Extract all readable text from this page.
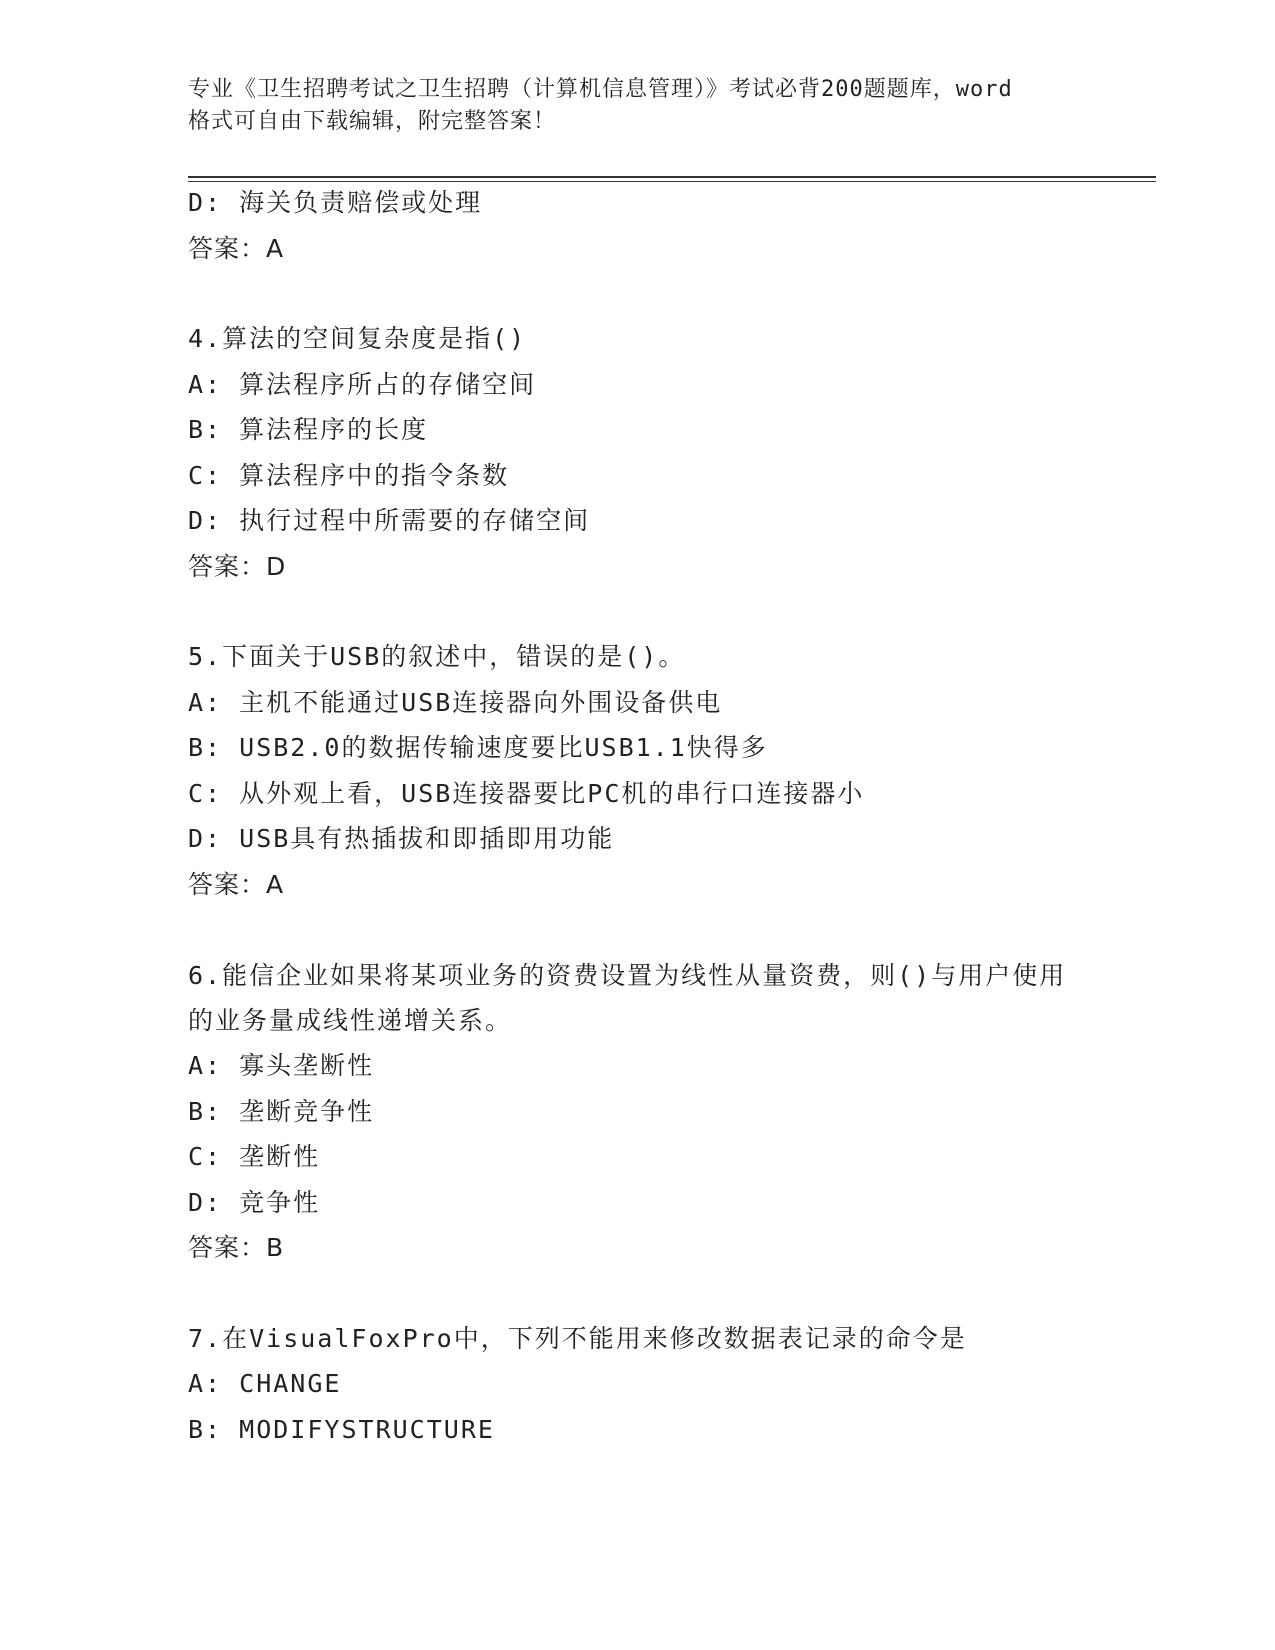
专业《卫生招聘考试之卫生招聘（计算机信息管理）》考试必背200题题库，word
格式可自由下载编辑，附完整答案！
D: 海关负责赔偿或处理
答案：A
4.算法的空间复杂度是指()
A: 算法程序所占的存储空间
B: 算法程序的长度
C: 算法程序中的指令条数
D: 执行过程中所需要的存储空间
答案：D
5.下面关于USB的叙述中，错误的是()。
A: 主机不能通过USB连接器向外围设备供电
B: USB2.0的数据传输速度要比USB1.1快得多
C: 从外观上看，USB连接器要比PC机的串行口连接器小
D: USB具有热插拔和即插即用功能
答案：A
6.能信企业如果将某项业务的资费设置为线性从量资费，则()与用户使用的业务量成线性递增关系。
A: 寡头垄断性
B: 垄断竞争性
C: 垄断性
D: 竞争性
答案：B
7.在VisualFoxPro中，下列不能用来修改数据表记录的命令是
A: CHANGE
B: MODIFYSTRUCTURE
